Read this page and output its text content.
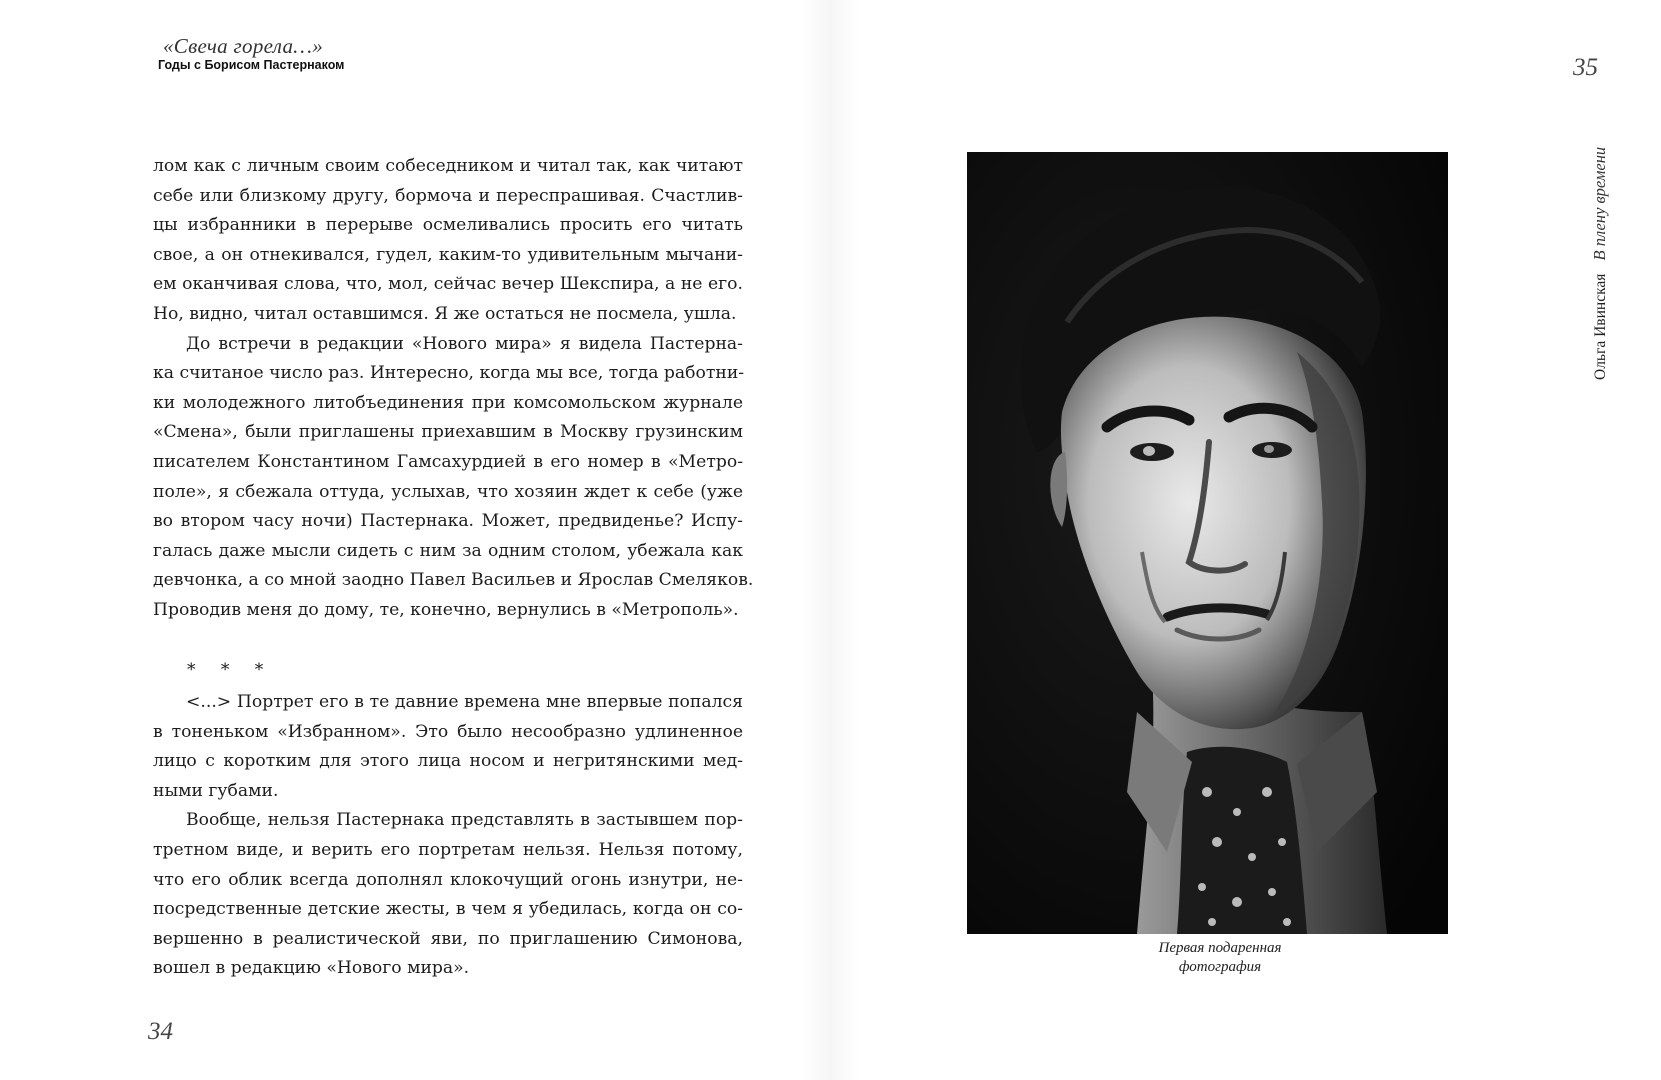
«Свеча горела…»
Годы с Борисом Пастернаком

лом как с личным своим собеседником и читал так, как читают
себе или близкому другу, бормоча и переспрашивая. Счастлив-
цы избранники в перерыве осмеливались просить его читать
свое, а он отнекивался, гудел, каким-то удивительным мычани-
ем оканчивая слова, что, мол, сейчас вечер Шекспира, а не его.
Но, видно, читал оставшимся. Я же остаться не посмела, ушла.

До встречи в редакции «Нового мира» я видела Пастерна-
ка считаное число раз. Интересно, когда мы все, тогда работни-
ки молодежного литобъединения при комсомольском журнале
«Смена», были приглашены приехавшим в Москву грузинским
писателем Константином Гамсахурдией в его номер в «Метро-
поле», я сбежала оттуда, услыхав, что хозяин ждет к себе (уже
во втором часу ночи) Пастернака. Может, предвиденье? Испу-
галась даже мысли сидеть с ним за одним столом, убежала как
девчонка, а со мной заодно Павел Васильев и Ярослав Смеляков.
Проводив меня до дому, те, конечно, вернулись в «Метрополь».

* * *

<...> Портрет его в те давние времена мне впервые попался
в тоненьком «Избранном». Это было несообразно удлиненное
лицо с коротким для этого лица носом и негритянскими мед-
ными губами.

Вообще, нельзя Пастернака представлять в застывшем пор-
третном виде, и верить его портретам нельзя. Нельзя потому,
что его облик всегда дополнял клокочущий огонь изнутри, не-
посредственные детские жесты, в чем я убедилась, когда он со-
вершенно в реалистической яви, по приглашению Симонова,
вошел в редакцию «Нового мира».

34
35
Ольга Ивинская В плену времени
Первая подаренная
фотография
